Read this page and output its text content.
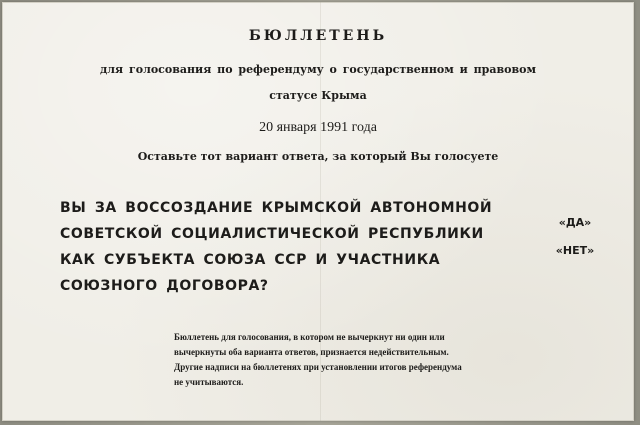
БЮЛЛЕТЕНЬ
для голосования по референдуму о государственном и правовом
статусе Крыма
20 января 1991 года
Оставьте тот вариант ответа, за который Вы голосуете
ВЫ ЗА ВОССОЗДАНИЕ КРЫМСКОЙ АВТОНОМНОЙ
СОВЕТСКОЙ СОЦИАЛИСТИЧЕСКОЙ РЕСПУБЛИКИ
КАК СУБЪЕКТА СОЮЗА ССР И УЧАСТНИКА
СОЮЗНОГО ДОГОВОРА?
«ДА»
«НЕТ»
Бюллетень для голосования, в котором не вычеркнут ни один или
вычеркнуты оба варианта ответов, признается недействительным.
Другие надписи на бюллетенях при установлении итогов референдума
не учитываются.
